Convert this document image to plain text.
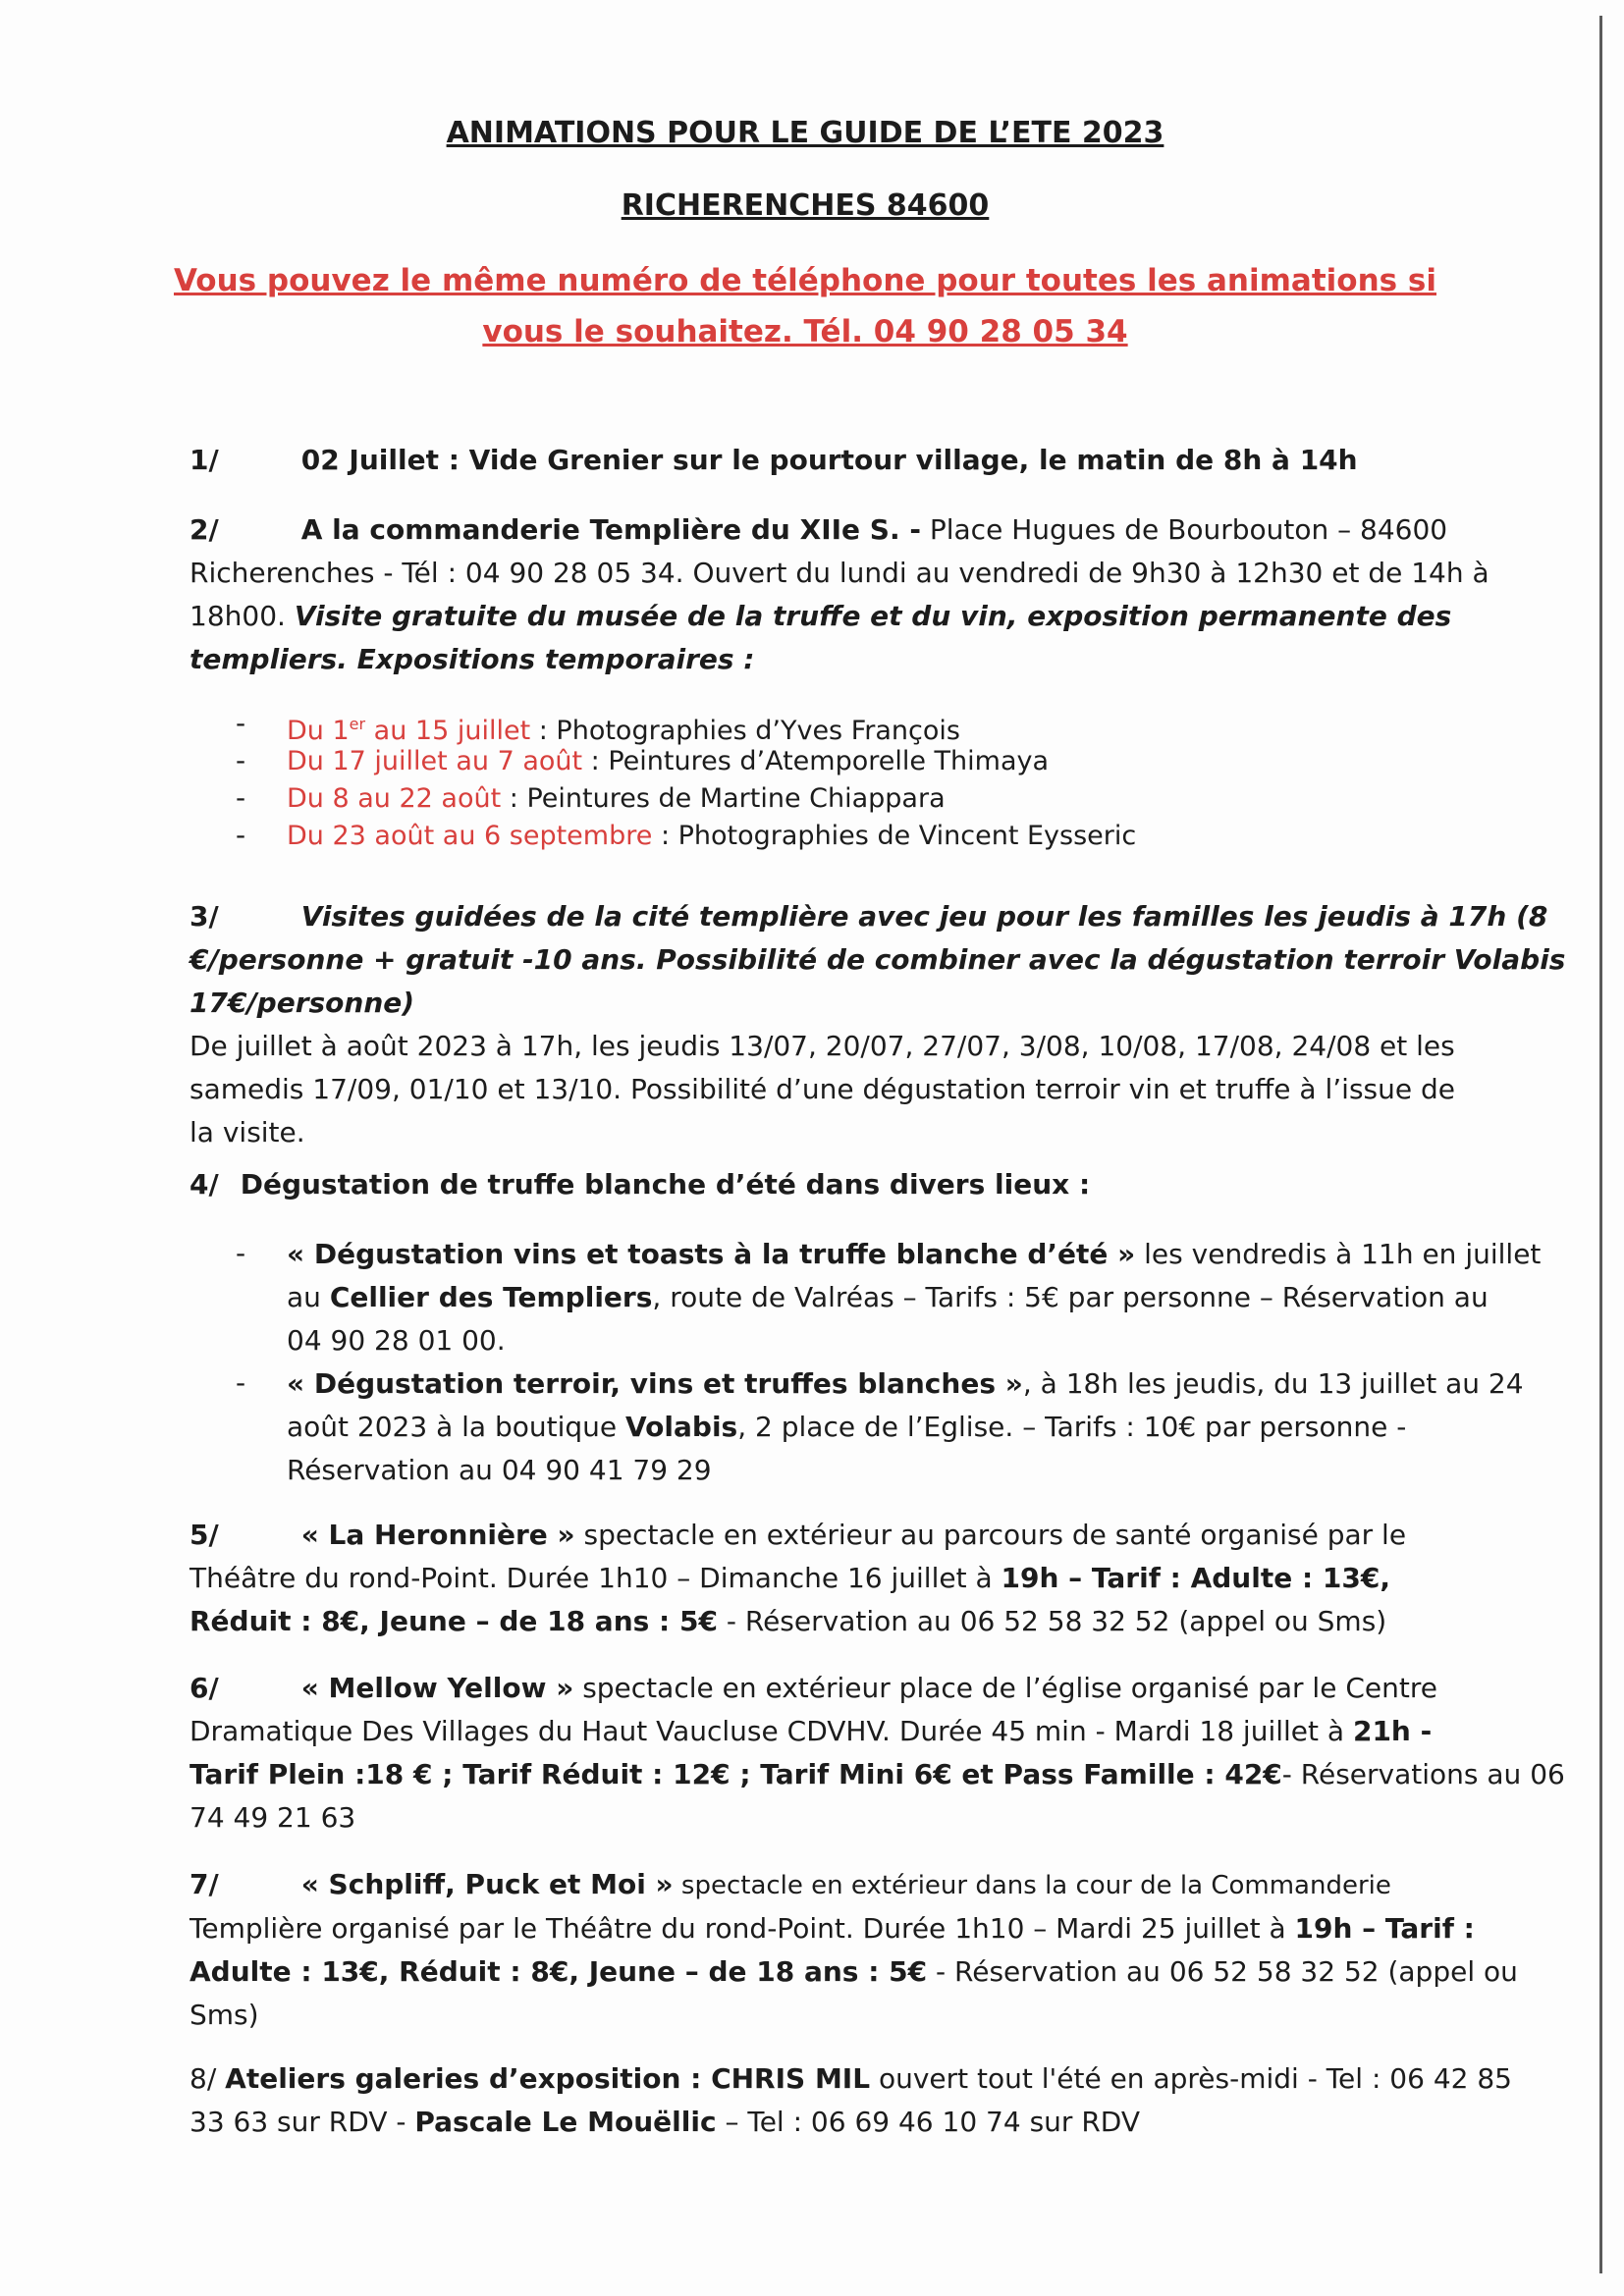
ANIMATIONS POUR LE GUIDE DE L’ETE 2023

RICHERENCHES 84600

Vous pouvez le même numéro de téléphone pour toutes les animations si

vous le souhaitez. Tél. 04 90 28 05 34

1/	02 Juillet : Vide Grenier sur le pourtour village, le matin de 8h à 14h

2/	A la commanderie Templière du XIIe S. - Place Hugues de Bourbouton – 84600
Richerenches - Tél : 04 90 28 05 34. Ouvert du lundi au vendredi de 9h30 à 12h30 et de 14h à
18h00. Visite gratuite du musée de la truffe et du vin, exposition permanente des
templiers. Expositions temporaires :
- Du 1er au 15 juillet : Photographies d’Yves François

- Du 17 juillet au 7 août : Peintures d’Atemporelle Thimaya

- Du 8 au 22 août : Peintures de Martine Chiappara

- Du 23 août au 6 septembre : Photographies de Vincent Eysseric

3/	Visites guidées de la cité templière avec jeu pour les familles les jeudis à 17h (8
€/personne + gratuit -10 ans. Possibilité de combiner avec la dégustation terroir Volabis
17€/personne)
De juillet à août 2023 à 17h, les jeudis 13/07, 20/07, 27/07, 3/08, 10/08, 17/08, 24/08 et les
samedis 17/09, 01/10 et 13/10. Possibilité d’une dégustation terroir vin et truffe à l’issue de
la visite.

4/ Dégustation de truffe blanche d’été dans divers lieux :

- « Dégustation vins et toasts à la truffe blanche d’été » les vendredis à 11h en juillet
au Cellier des Templiers, route de Valréas – Tarifs : 5€ par personne – Réservation au
04 90 28 01 00.
- « Dégustation terroir, vins et truffes blanches », à 18h les jeudis, du 13 juillet au 24
août 2023 à la boutique Volabis, 2 place de l’Eglise. – Tarifs : 10€ par personne -
Réservation au 04 90 41 79 29
5/	« La Heronnière » spectacle en extérieur au parcours de santé organisé par le
Théâtre du rond-Point. Durée 1h10 – Dimanche 16 juillet à 19h – Tarif : Adulte : 13€,
Réduit : 8€, Jeune – de 18 ans : 5€ - Réservation au 06 52 58 32 52 (appel ou Sms)
6/	« Mellow Yellow » spectacle en extérieur place de l’église organisé par le Centre
Dramatique Des Villages du Haut Vaucluse CDVHV. Durée 45 min - Mardi 18 juillet à 21h -
Tarif Plein :18 € ; Tarif Réduit : 12€ ; Tarif Mini 6€ et Pass Famille : 42€- Réservations au 06
74 49 21 63
7/	« Schpliff, Puck et Moi » spectacle en extérieur dans la cour de la Commanderie
Templière organisé par le Théâtre du rond-Point. Durée 1h10 – Mardi 25 juillet à 19h – Tarif :
Adulte : 13€, Réduit : 8€, Jeune – de 18 ans : 5€ - Réservation au 06 52 58 32 52 (appel ou
Sms)
8/ Ateliers galeries d’exposition : CHRIS MIL ouvert tout l'été en après-midi - Tel : 06 42 85
33 63 sur RDV - Pascale Le Mouëllic – Tel : 06 69 46 10 74 sur RDV
